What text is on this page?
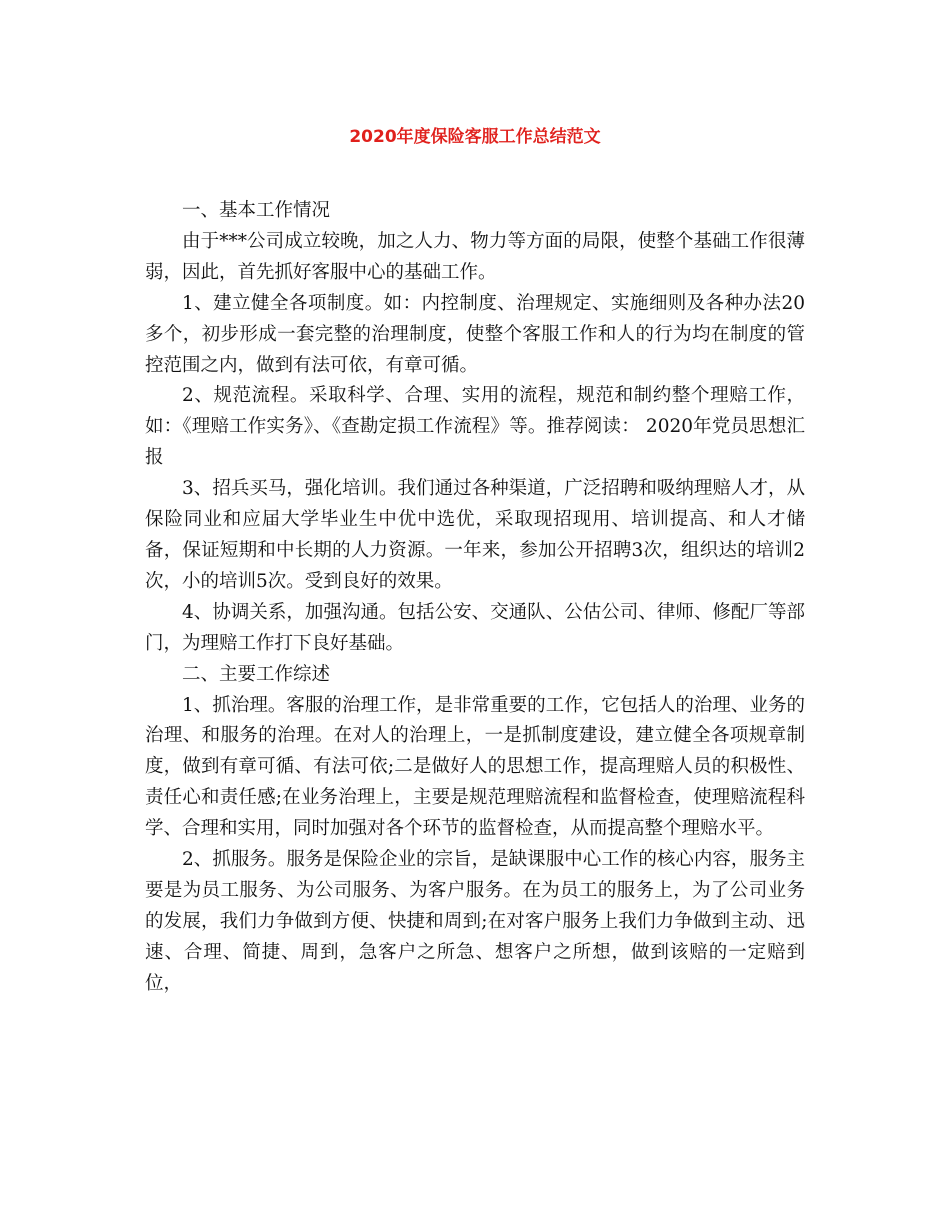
2020年度保险客服工作总结范文

一、基本工作情况

由于***公司成立较晚，加之人力、物力等方面的局限，使整个基础工作很薄弱，因此，首先抓好客服中心的基础工作。

1、建立健全各项制度。如：内控制度、治理规定、实施细则及各种办法20多个，初步形成一套完整的治理制度，使整个客服工作和人的行为均在制度的管控范围之内，做到有法可依，有章可循。

2、规范流程。采取科学、合理、实用的流程，规范和制约整个理赔工作，如：《理赔工作实务》、《查勘定损工作流程》等。推荐阅读： 2020年党员思想汇报

3、招兵买马，强化培训。我们通过各种渠道，广泛招聘和吸纳理赔人才，从保险同业和应届大学毕业生中优中选优，采取现招现用、培训提高、和人才储备，保证短期和中长期的人力资源。一年来，参加公开招聘3次，组织达的培训2次，小的培训5次。受到良好的效果。

4、协调关系，加强沟通。包括公安、交通队、公估公司、律师、修配厂等部门，为理赔工作打下良好基础。

二、主要工作综述

1、抓治理。客服的治理工作，是非常重要的工作，它包括人的治理、业务的治理、和服务的治理。在对人的治理上，一是抓制度建设，建立健全各项规章制度，做到有章可循、有法可依;二是做好人的思想工作，提高理赔人员的积极性、责任心和责任感;在业务治理上，主要是规范理赔流程和监督检查，使理赔流程科学、合理和实用，同时加强对各个环节的监督检查，从而提高整个理赔水平。

2、抓服务。服务是保险企业的宗旨，是缺课服中心工作的核心内容，服务主要是为员工服务、为公司服务、为客户服务。在为员工的服务上，为了公司业务的发展，我们力争做到方便、快捷和周到;在对客户服务上我们力争做到主动、迅速、合理、简捷、周到，急客户之所急、想客户之所想，做到该赔的一定赔到位，
